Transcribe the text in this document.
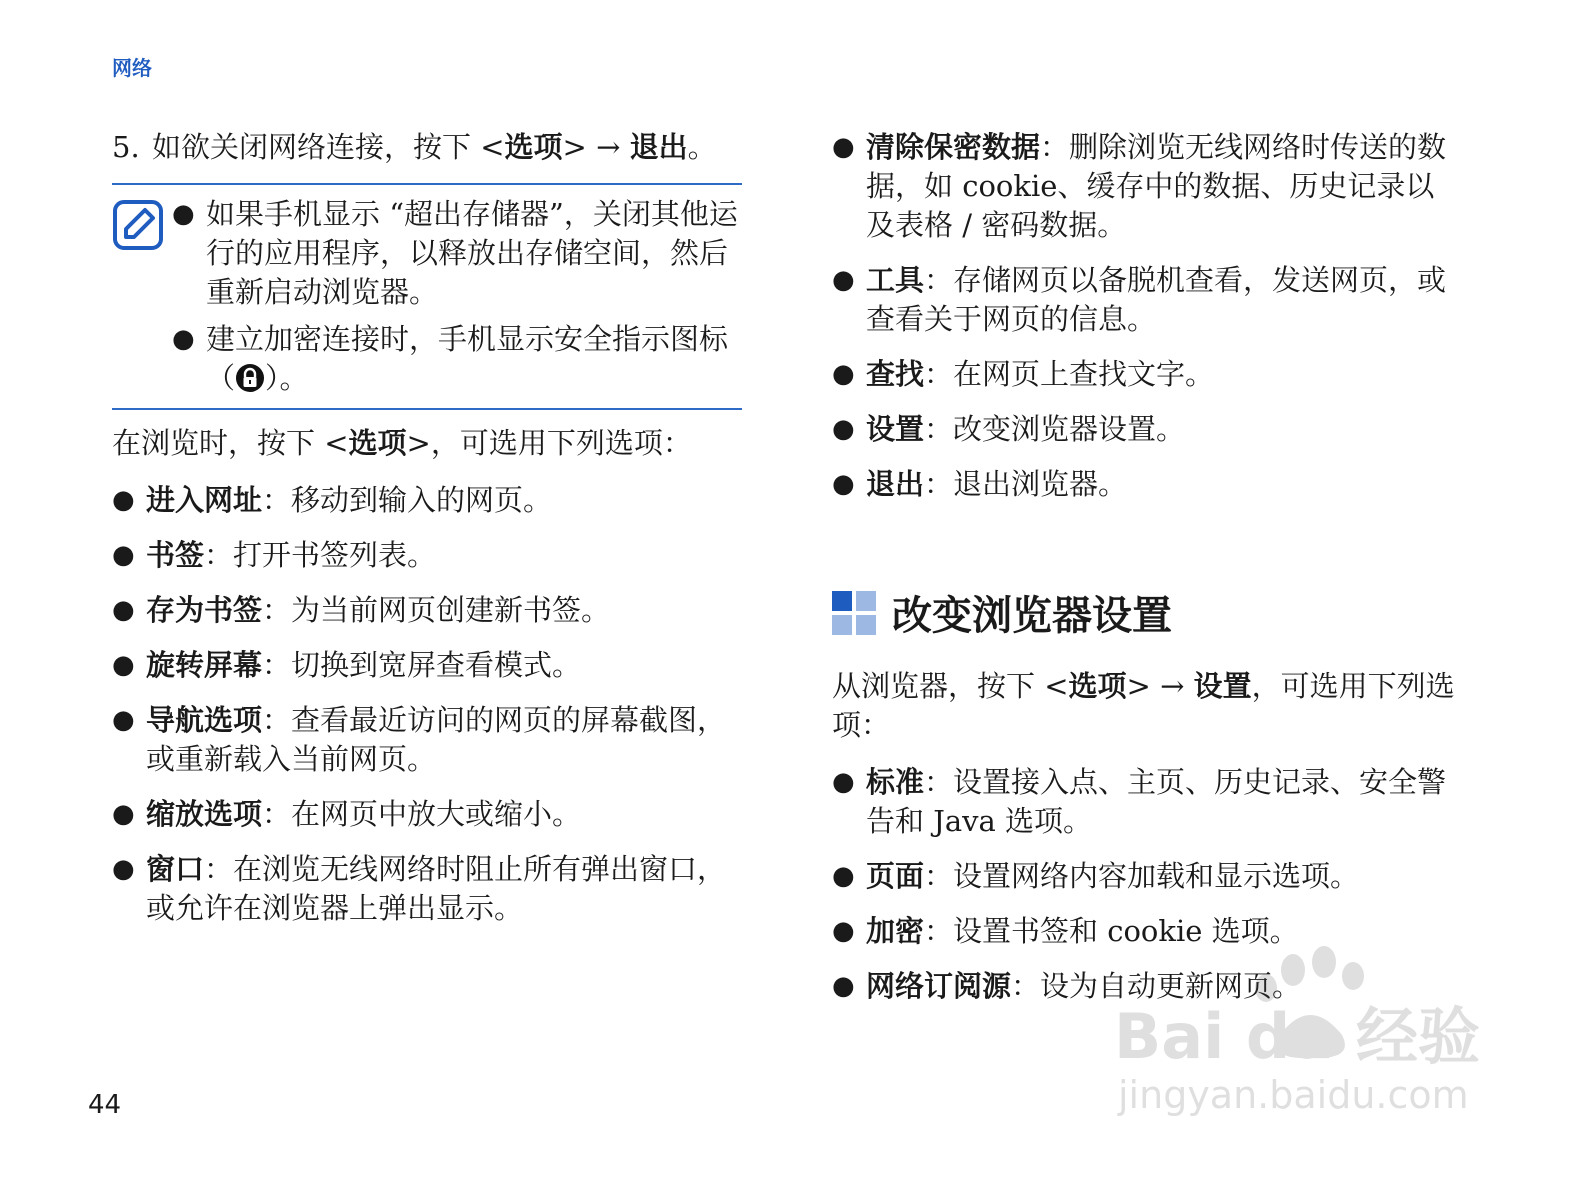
网络
5. 如欲关闭网络连接，按下 <选项> → 退出。
● 如果手机显示 “超出存储器”，关闭其他运行的应用程序，以释放出存储空间，然后重新启动浏览器。
● 建立加密连接时，手机显示安全指示图标 （ ）。

在浏览时，按下 <选项>，可选用下列选项：

● 进入网址：移动到输入的网页。
● 书签：打开书签列表。
● 存为书签：为当前网页创建新书签。
● 旋转屏幕：切换到宽屏查看模式。
● 导航选项：查看最近访问的网页的屏幕截图，或重新载入当前网页。
● 缩放选项：在网页中放大或缩小。
● 窗口：在浏览无线网络时阻止所有弹出窗口，或允许在浏览器上弹出显示。
● 清除保密数据：删除浏览无线网络时传送的数据，如 cookie、缓存中的数据、历史记录以及表格 / 密码数据。
● 工具：存储网页以备脱机查看，发送网页，或查看关于网页的信息。
● 查找：在网页上查找文字。
● 设置：改变浏览器设置。
● 退出：退出浏览器。
改变浏览器设置

从浏览器，按下 <选项> → 设置，可选用下列选项：

● 标准：设置接入点、主页、历史记录、安全警告和 Java 选项。
● 页面：设置网络内容加载和显示选项。
● 加密：设置书签和 cookie 选项。
● 网络订阅源：设为自动更新网页。
44
Bai du 经验
jingyan.baidu.com
